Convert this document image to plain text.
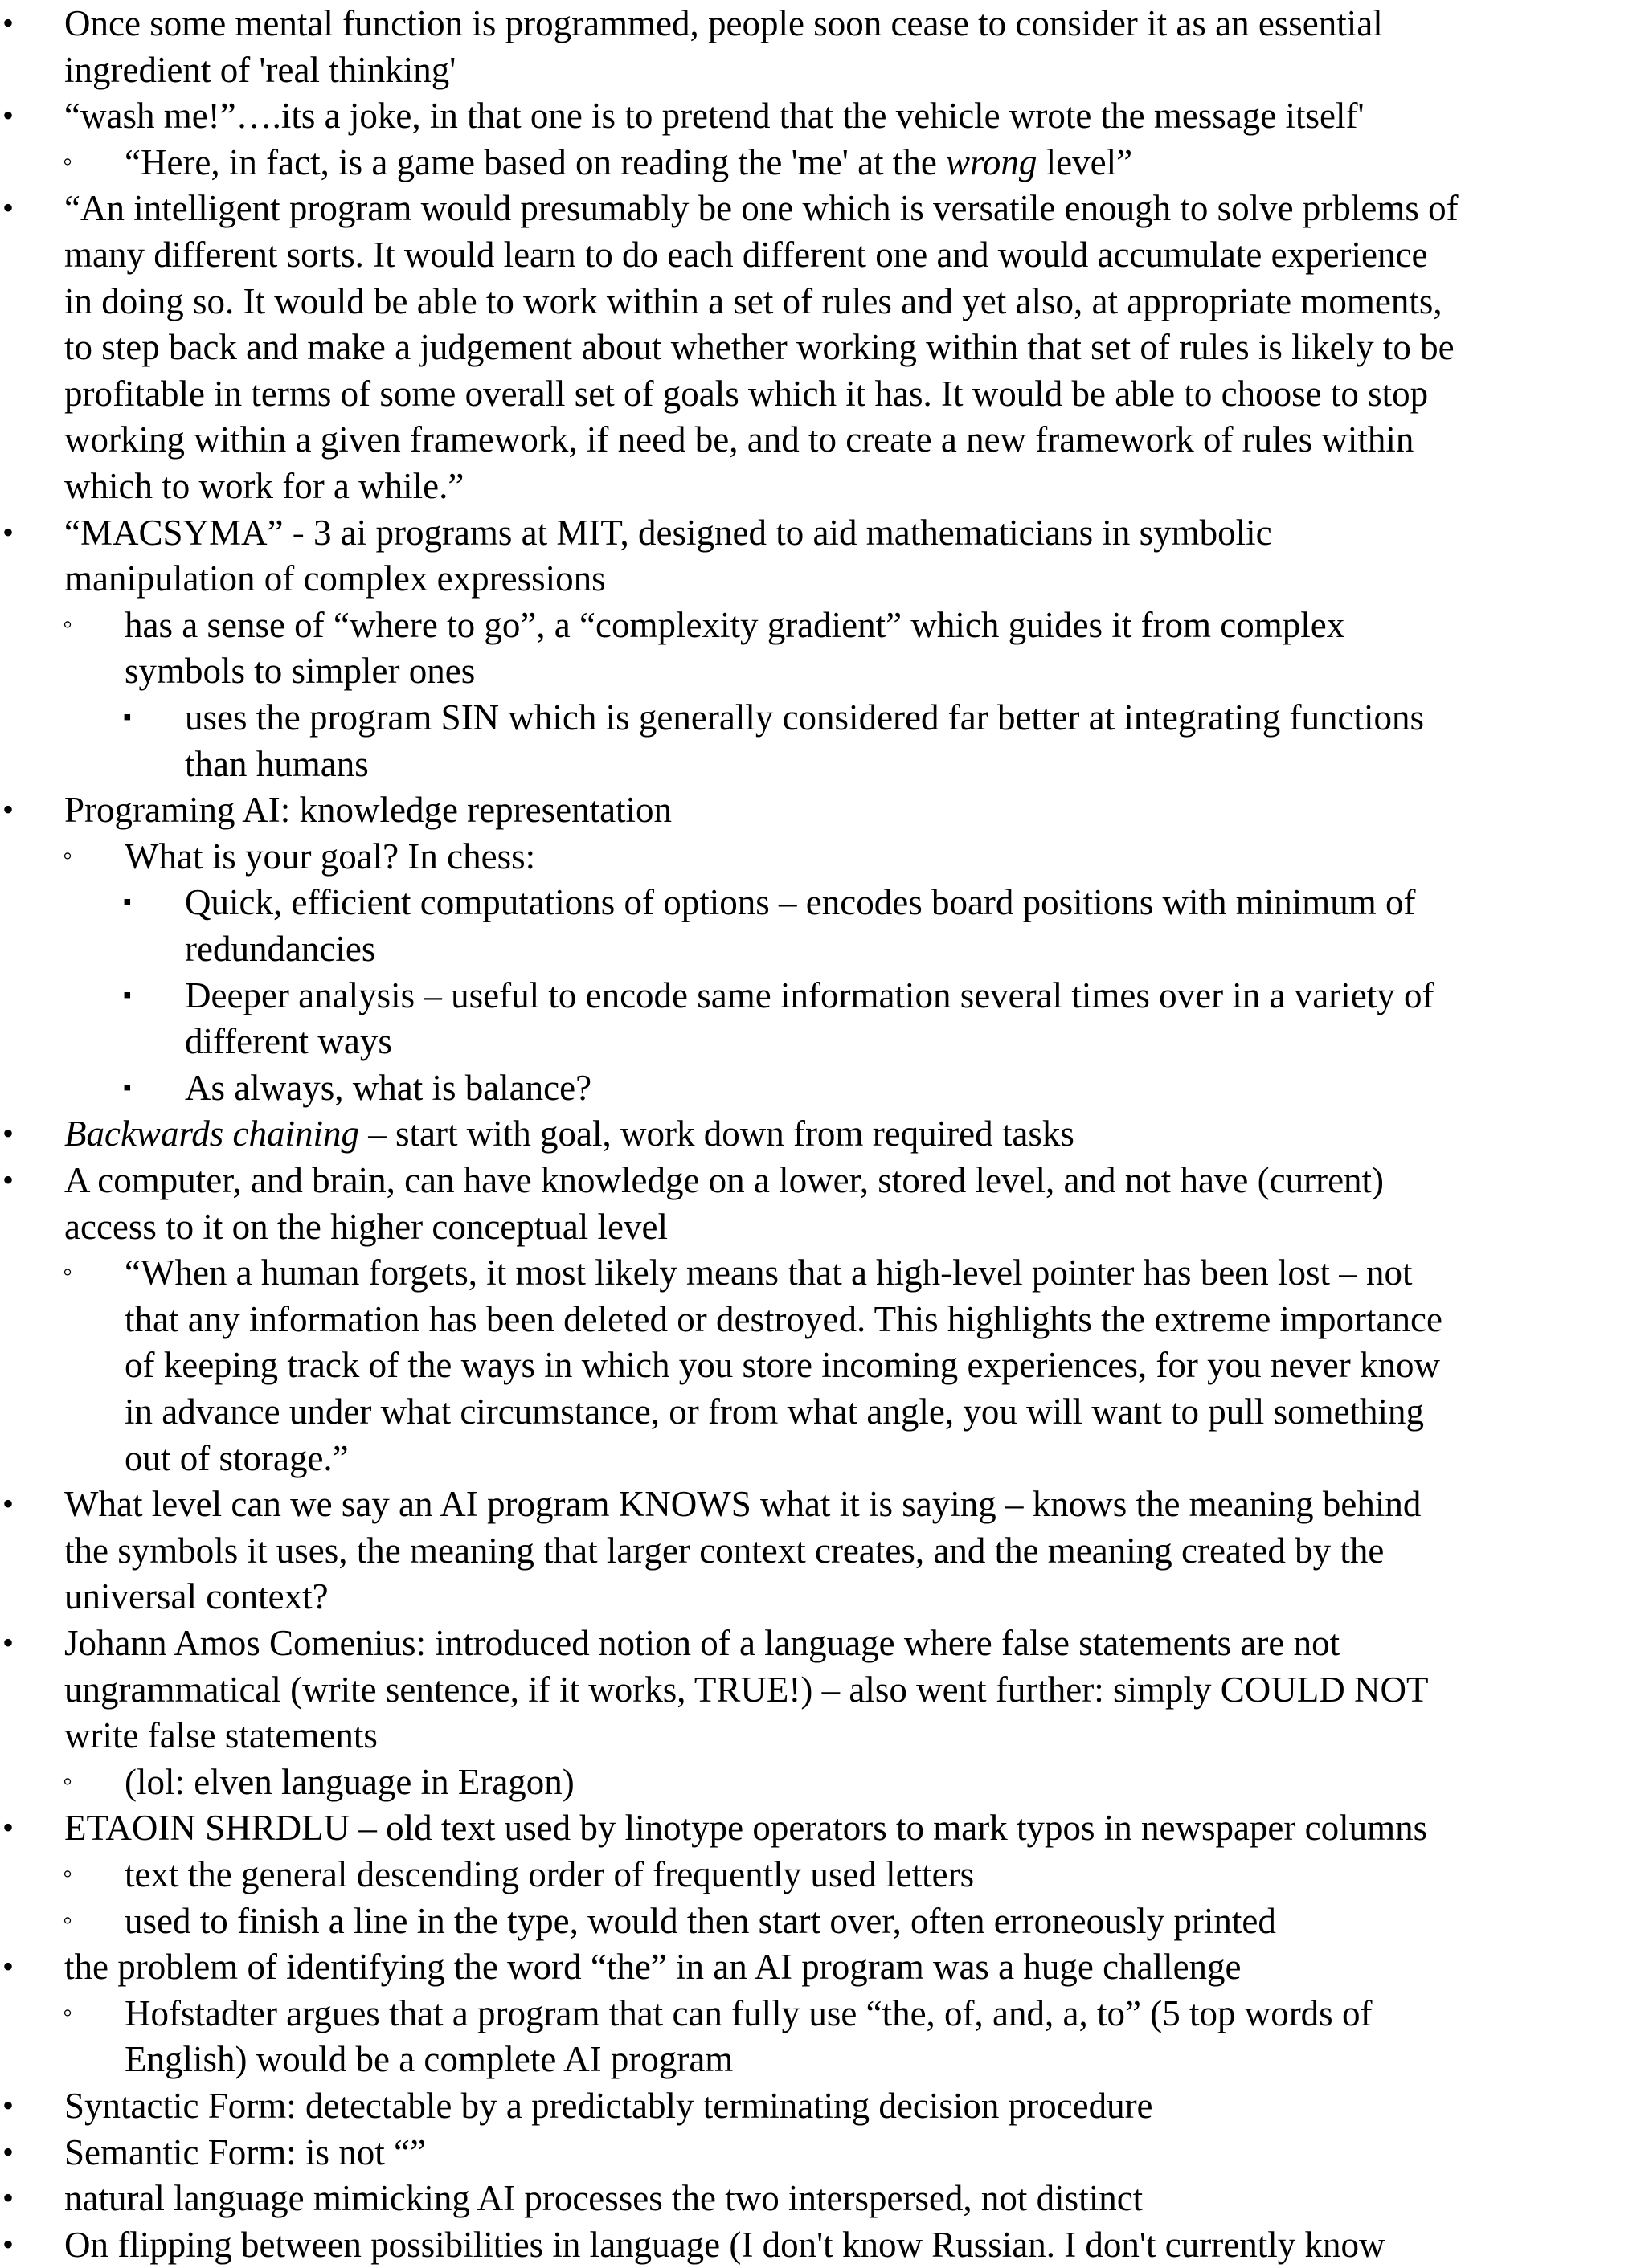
• Once some mental function is programmed, people soon cease to consider it as an essential
ingredient of 'real thinking'
• “wash me!”….its a joke, in that one is to pretend that the vehicle wrote the message itself'
◦ “Here, in fact, is a game based on reading the 'me' at the wrong level”
• “An intelligent program would presumably be one which is versatile enough to solve prblems of
many different sorts. It would learn to do each different one and would accumulate experience
in doing so. It would be able to work within a set of rules and yet also, at appropriate moments,
to step back and make a judgement about whether working within that set of rules is likely to be
profitable in terms of some overall set of goals which it has. It would be able to choose to stop
working within a given framework, if need be, and to create a new framework of rules within
which to work for a while.”
• “MACSYMA” - 3 ai programs at MIT, designed to aid mathematicians in symbolic
manipulation of complex expressions
◦ has a sense of “where to go”, a “complexity gradient” which guides it from complex
symbols to simpler ones
▪ uses the program SIN which is generally considered far better at integrating functions
than humans
• Programing AI: knowledge representation
◦ What is your goal? In chess:
▪ Quick, efficient computations of options – encodes board positions with minimum of
redundancies
▪ Deeper analysis – useful to encode same information several times over in a variety of
different ways
▪ As always, what is balance?
• Backwards chaining – start with goal, work down from required tasks
• A computer, and brain, can have knowledge on a lower, stored level, and not have (current)
access to it on the higher conceptual level
◦ “When a human forgets, it most likely means that a high-level pointer has been lost – not
that any information has been deleted or destroyed. This highlights the extreme importance
of keeping track of the ways in which you store incoming experiences, for you never know
in advance under what circumstance, or from what angle, you will want to pull something
out of storage.”
• What level can we say an AI program KNOWS what it is saying – knows the meaning behind
the symbols it uses, the meaning that larger context creates, and the meaning created by the
universal context?
• Johann Amos Comenius: introduced notion of a language where false statements are not
ungrammatical (write sentence, if it works, TRUE!) – also went further: simply COULD NOT
write false statements
◦ (lol: elven language in Eragon)
• ETAOIN SHRDLU – old text used by linotype operators to mark typos in newspaper columns
◦ text the general descending order of frequently used letters
◦ used to finish a line in the type, would then start over, often erroneously printed
• the problem of identifying the word “the” in an AI program was a huge challenge
◦ Hofstadter argues that a program that can fully use “the, of, and, a, to” (5 top words of
English) would be a complete AI program
• Syntactic Form: detectable by a predictably terminating decision procedure
• Semantic Form: is not “”
• natural language mimicking AI processes the two interspersed, not distinct
• On flipping between possibilities in language (I don't know Russian. I don't currently know
